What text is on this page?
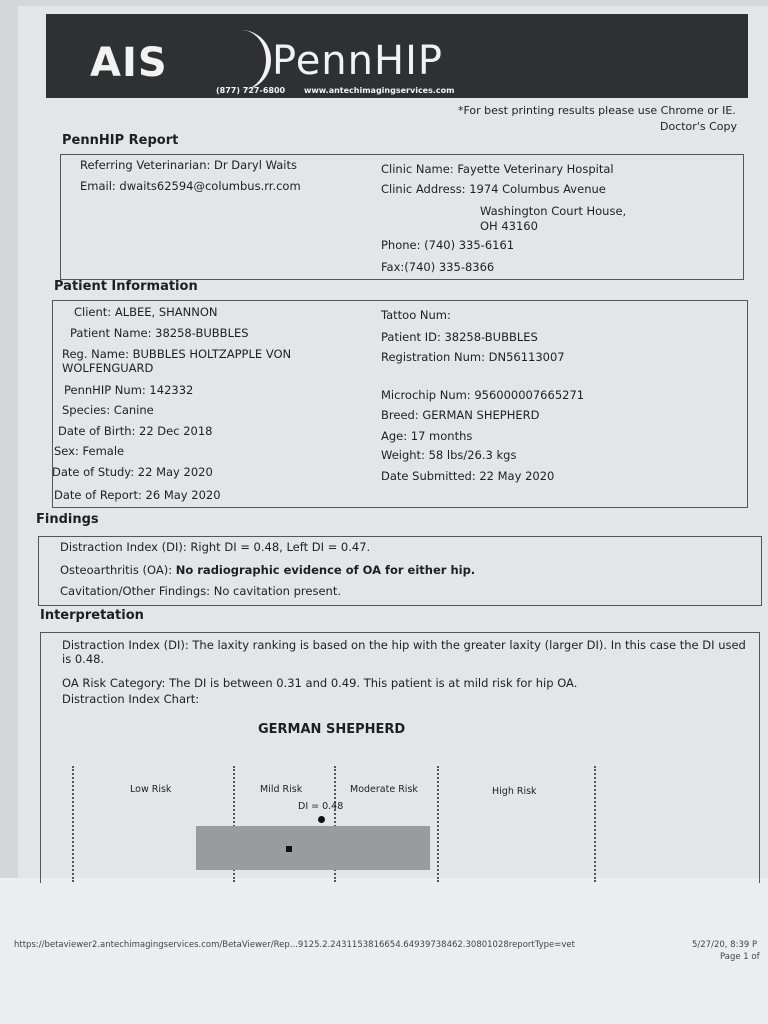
AIS	PennHIP
(877) 727-6800 www.antechimagingservices.com
*For best printing results please use Chrome or IE.
Doctor's Copy
PennHIP Report
Referring Veterinarian: Dr Daryl Waits
Email: dwaits62594@columbus.rr.com
Clinic Name: Fayette Veterinary Hospital
Clinic Address: 1974 Columbus Avenue
Washington Court House,
OH 43160
Phone: (740) 335-6161
Fax:(740) 335-8366
Patient Information
Client: ALBEE, SHANNON
Patient Name: 38258-BUBBLES
Reg. Name: BUBBLES HOLTZAPPLE VON WOLFENGUARD
PennHIP Num: 142332
Species: Canine
Date of Birth: 22 Dec 2018
Sex: Female
Date of Study: 22 May 2020
Date of Report: 26 May 2020
Tattoo Num:
Patient ID: 38258-BUBBLES
Registration Num: DN56113007
Microchip Num: 956000007665271
Breed: GERMAN SHEPHERD
Age: 17 months
Weight: 58 lbs/26.3 kgs
Date Submitted: 22 May 2020
Findings
Distraction Index (DI): Right DI = 0.48, Left DI = 0.47.
Osteoarthritis (OA): No radiographic evidence of OA for either hip.
Cavitation/Other Findings: No cavitation present.
Interpretation
Distraction Index (DI): The laxity ranking is based on the hip with the greater laxity (larger DI). In this case the DI used is 0.48.
OA Risk Category: The DI is between 0.31 and 0.49. This patient is at mild risk for hip OA.
Distraction Index Chart:
GERMAN SHEPHERD
Low Risk	Mild Risk	Moderate Risk	High Risk
DI = 0.48
https://betaviewer2.antechimagingservices.com/BetaViewer/Rep...9125.2.2431153816654.64939738462.30801028reportType=vet	5/27/20, 8:39 P
Page 1 of
